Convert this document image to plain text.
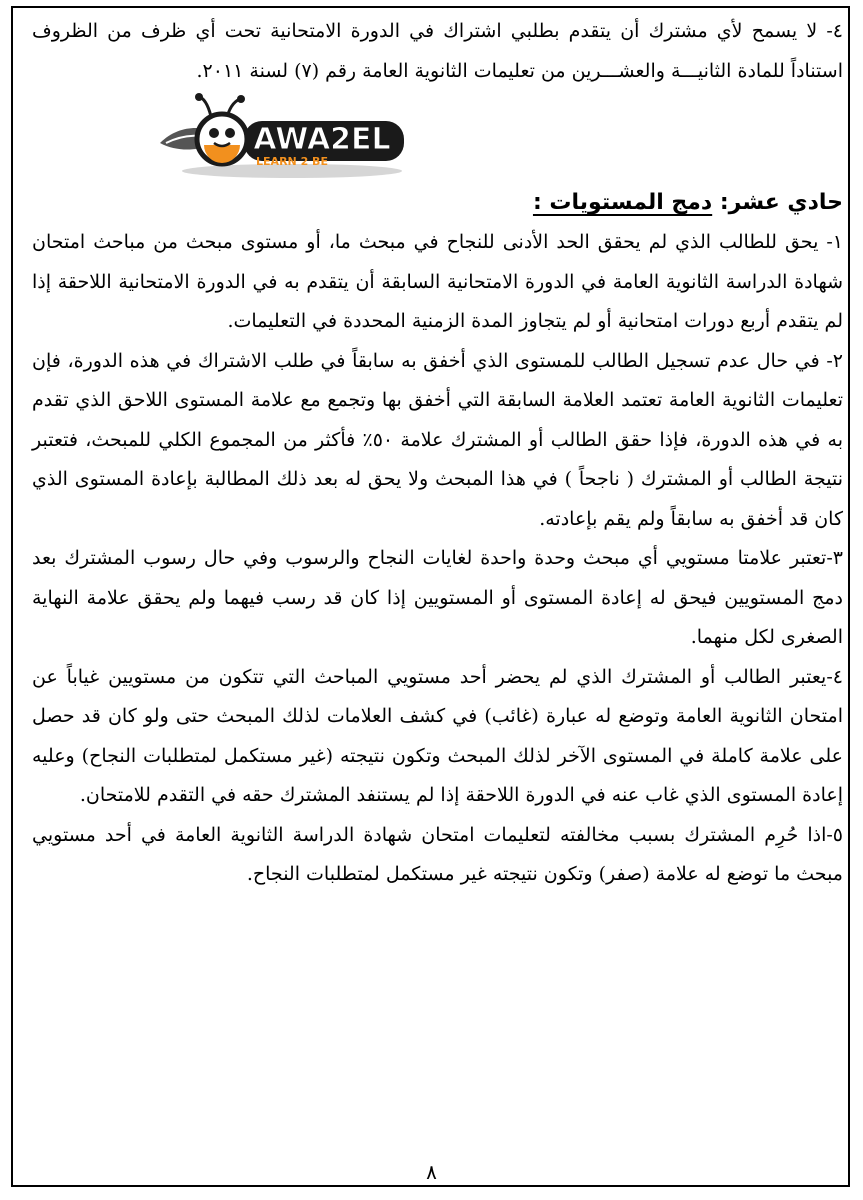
٤- لا يسمح لأي مشترك أن يتقدم بطلبي اشتراك في الدورة الامتحانية تحت أي ظرف من الظروف استناداً للمادة الثانيـــة والعشـــرين من تعليمات الثانوية العامة رقم (٧) لسنة ٢٠١١.

AWA2EL
LEARN 2 BE

حادي عشر: دمج المستويات :

١- يحق للطالب الذي لم يحقق الحد الأدنى للنجاح في مبحث ما، أو مستوى مبحث من مباحث امتحان شهادة الدراسة الثانوية العامة في الدورة الامتحانية السابقة أن يتقدم به في الدورة الامتحانية اللاحقة إذا لم يتقدم أربع دورات امتحانية أو لم يتجاوز المدة الزمنية المحددة في التعليمات.

٢- في حال عدم تسجيل الطالب للمستوى الذي أخفق به سابقاً في طلب الاشتراك في هذه الدورة، فإن تعليمات الثانوية العامة تعتمد العلامة السابقة التي أخفق بها وتجمع مع علامة المستوى اللاحق الذي تقدم به في هذه الدورة، فإذا حقق الطالب أو المشترك علامة ٥٠٪ فأكثر من المجموع الكلي للمبحث، فتعتبر نتيجة الطالب أو المشترك ( ناجحاً ) في هذا المبحث ولا يحق له بعد ذلك المطالبة بإعادة المستوى الذي كان قد أخفق به سابقاً ولم يقم بإعادته.

٣-تعتبر علامتا مستويي أي مبحث وحدة واحدة لغايات النجاح والرسوب وفي حال رسوب المشترك بعد دمج المستويين فيحق له إعادة المستوى أو المستويين إذا كان قد رسب فيهما ولم يحقق علامة النهاية الصغرى لكل منهما.

٤-يعتبر الطالب أو المشترك الذي لم يحضر أحد مستويي المباحث التي تتكون من مستويين غياباً عن امتحان الثانوية العامة وتوضع له عبارة (غائب) في كشف العلامات لذلك المبحث حتى ولو كان قد حصل على علامة كاملة في المستوى الآخر لذلك المبحث وتكون نتيجته (غير مستكمل لمتطلبات النجاح) وعليه إعادة المستوى الذي غاب عنه في الدورة اللاحقة إذا لم يستنفد المشترك حقه في التقدم للامتحان.

٥-اذا حُرِم المشترك بسبب مخالفته لتعليمات امتحان شهادة الدراسة الثانوية العامة في أحد مستويي مبحث ما توضع له علامة (صفر) وتكون نتيجته غير مستكمل لمتطلبات النجاح.

٨
